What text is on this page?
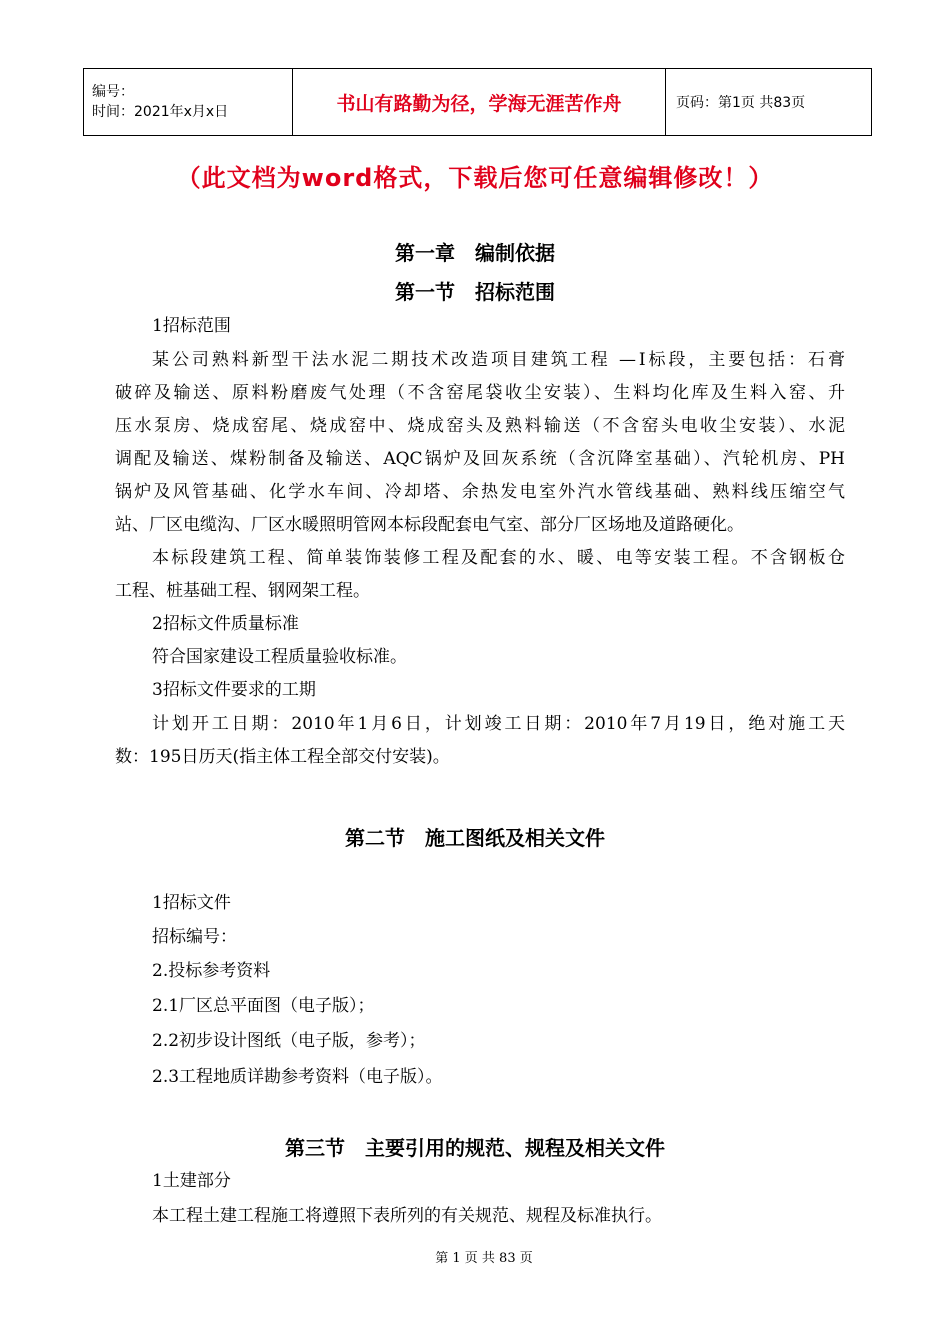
编号：
时间：2021年x月x日	书山有路勤为径，学海无涯苦作舟	页码：第1页 共83页
（此文档为word格式，下载后您可任意编辑修改！）
第一章　编制依据
第一节　招标范围
1招标范围
某公司熟料新型干法水泥二期技术改造项目建筑工程 —Ⅰ标段，主要包括：石膏
破碎及输送、原料粉磨废气处理（不含窑尾袋收尘安装）、生料均化库及生料入窑、升
压水泵房、烧成窑尾、烧成窑中、烧成窑头及熟料输送（不含窑头电收尘安装）、水泥
调配及输送、煤粉制备及输送、AQC锅炉及回灰系统（含沉降室基础）、汽轮机房、PH
锅炉及风管基础、化学水车间、冷却塔、余热发电室外汽水管线基础、熟料线压缩空气
站、厂区电缆沟、厂区水暖照明管网本标段配套电气室、部分厂区场地及道路硬化。
本标段建筑工程、简单装饰装修工程及配套的水、暖、电等安装工程。不含钢板仓
工程、桩基础工程、钢网架工程。
2招标文件质量标准
符合国家建设工程质量验收标准。
3招标文件要求的工期
计划开工日期：2010年1月6日，计划竣工日期：2010年7月19日，绝对施工天
数：195日历天(指主体工程全部交付安装)。
第二节　施工图纸及相关文件
1招标文件
招标编号：
2.投标参考资料
2.1厂区总平面图（电子版）；
2.2初步设计图纸（电子版，参考）；
2.3工程地质详勘参考资料（电子版）。
第三节　主要引用的规范、规程及相关文件
1土建部分
本工程土建工程施工将遵照下表所列的有关规范、规程及标准执行。
第 1 页 共 83 页
